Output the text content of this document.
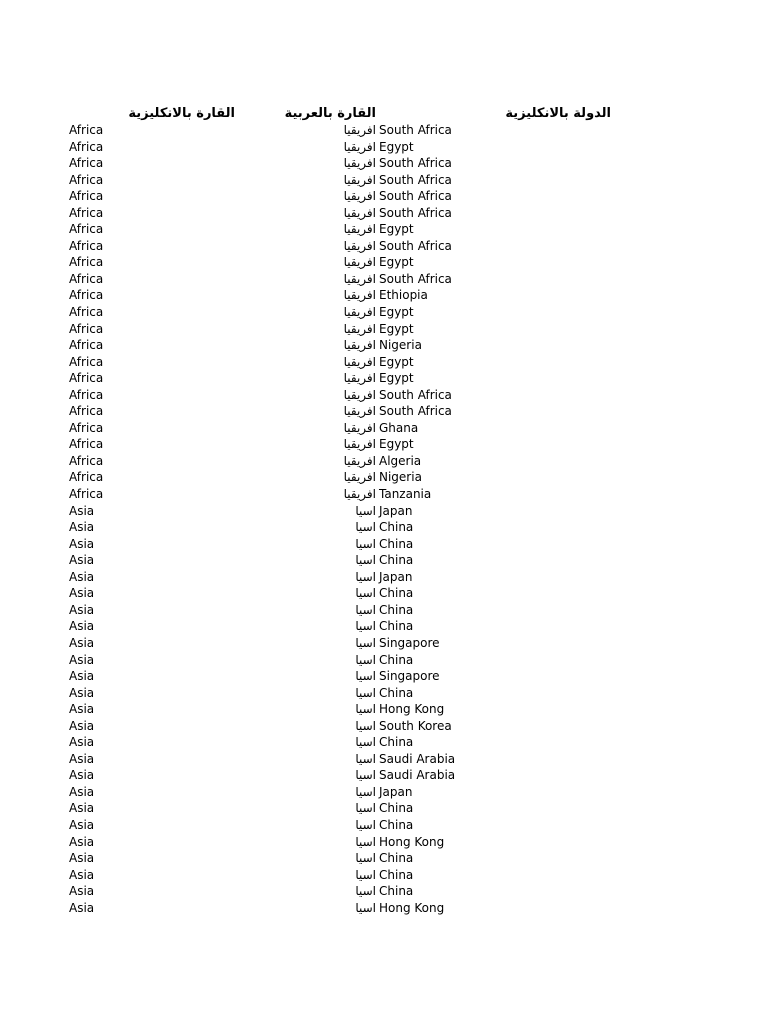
القارة بالانكليزية	القارة بالعربية	الدولة بالانكليزية
Africa	افريقيا South Africa
Africa	افريقيا Egypt
Africa	افريقيا South Africa
Africa	افريقيا South Africa
Africa	افريقيا South Africa
Africa	افريقيا South Africa
Africa	افريقيا Egypt
Africa	افريقيا South Africa
Africa	افريقيا Egypt
Africa	افريقيا South Africa
Africa	افريقيا Ethiopia
Africa	افريقيا Egypt
Africa	افريقيا Egypt
Africa	افريقيا Nigeria
Africa	افريقيا Egypt
Africa	افريقيا Egypt
Africa	افريقيا South Africa
Africa	افريقيا South Africa
Africa	افريقيا Ghana
Africa	افريقيا Egypt
Africa	افريقيا Algeria
Africa	افريقيا Nigeria
Africa	افريقيا Tanzania
Asia	اسيا Japan
Asia	اسيا China
Asia	اسيا China
Asia	اسيا China
Asia	اسيا Japan
Asia	اسيا China
Asia	اسيا China
Asia	اسيا China
Asia	اسيا Singapore
Asia	اسيا China
Asia	اسيا Singapore
Asia	اسيا China
Asia	اسيا Hong Kong
Asia	اسيا South Korea
Asia	اسيا China
Asia	اسيا Saudi Arabia
Asia	اسيا Saudi Arabia
Asia	اسيا Japan
Asia	اسيا China
Asia	اسيا China
Asia	اسيا Hong Kong
Asia	اسيا China
Asia	اسيا China
Asia	اسيا China
Asia	اسيا Hong Kong
